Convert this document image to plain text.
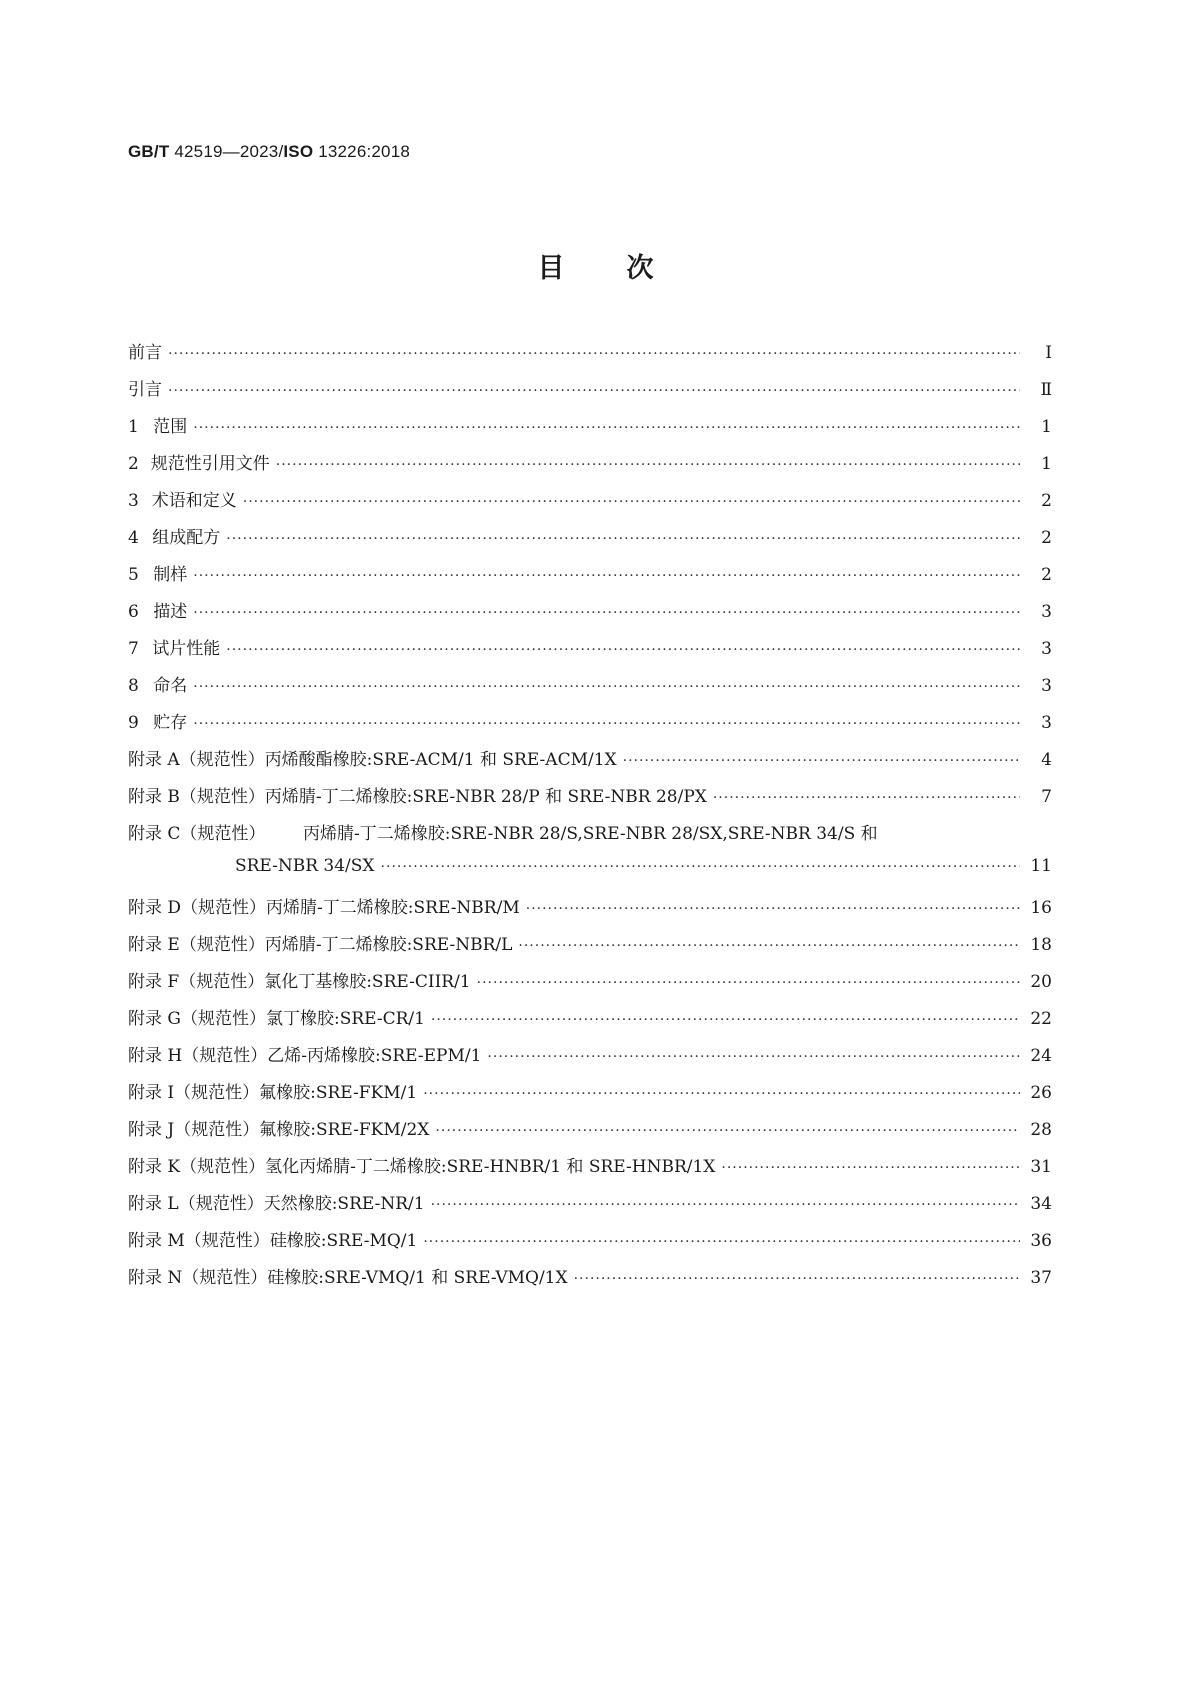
GB/T 42519—2023/ISO 13226:2018
目次
前言 ·····	Ⅰ
引言 ·····	Ⅱ
1 范围 ·····	1
2 规范性引用文件 ·····	1
3 术语和定义 ·····	2
4 组成配方 ·····	2
5 制样 ·····	2
6 描述 ·····	3
7 试片性能 ·····	3
8 命名 ·····	3
9 贮存 ·····	3
附录 A（规范性） 丙烯酸酯橡胶:SRE-ACM/1 和 SRE-ACM/1X ·····	4
附录 B（规范性） 丙烯腈-丁二烯橡胶:SRE-NBR 28/P 和 SRE-NBR 28/PX ·····	7
附录 C（规范性）	丙烯腈-丁二烯橡胶:SRE-NBR 28/S,SRE-NBR 28/SX,SRE-NBR 34/S 和
SRE-NBR 34/SX ·····	11
附录 D（规范性） 丙烯腈-丁二烯橡胶:SRE-NBR/M ·····	16
附录 E（规范性） 丙烯腈-丁二烯橡胶:SRE-NBR/L ·····	18
附录 F（规范性） 氯化丁基橡胶:SRE-CIIR/1 ·····	20
附录 G（规范性） 氯丁橡胶:SRE-CR/1 ·····	22
附录 H（规范性） 乙烯-丙烯橡胶:SRE-EPM/1 ·····	24
附录 I（规范性） 氟橡胶:SRE-FKM/1 ·····	26
附录 J（规范性） 氟橡胶:SRE-FKM/2X ·····	28
附录 K（规范性） 氢化丙烯腈-丁二烯橡胶:SRE-HNBR/1 和 SRE-HNBR/1X ·····	31
附录 L（规范性） 天然橡胶:SRE-NR/1 ·····	34
附录 M（规范性） 硅橡胶:SRE-MQ/1 ·····	36
附录 N（规范性） 硅橡胶:SRE-VMQ/1 和 SRE-VMQ/1X ·····	37
